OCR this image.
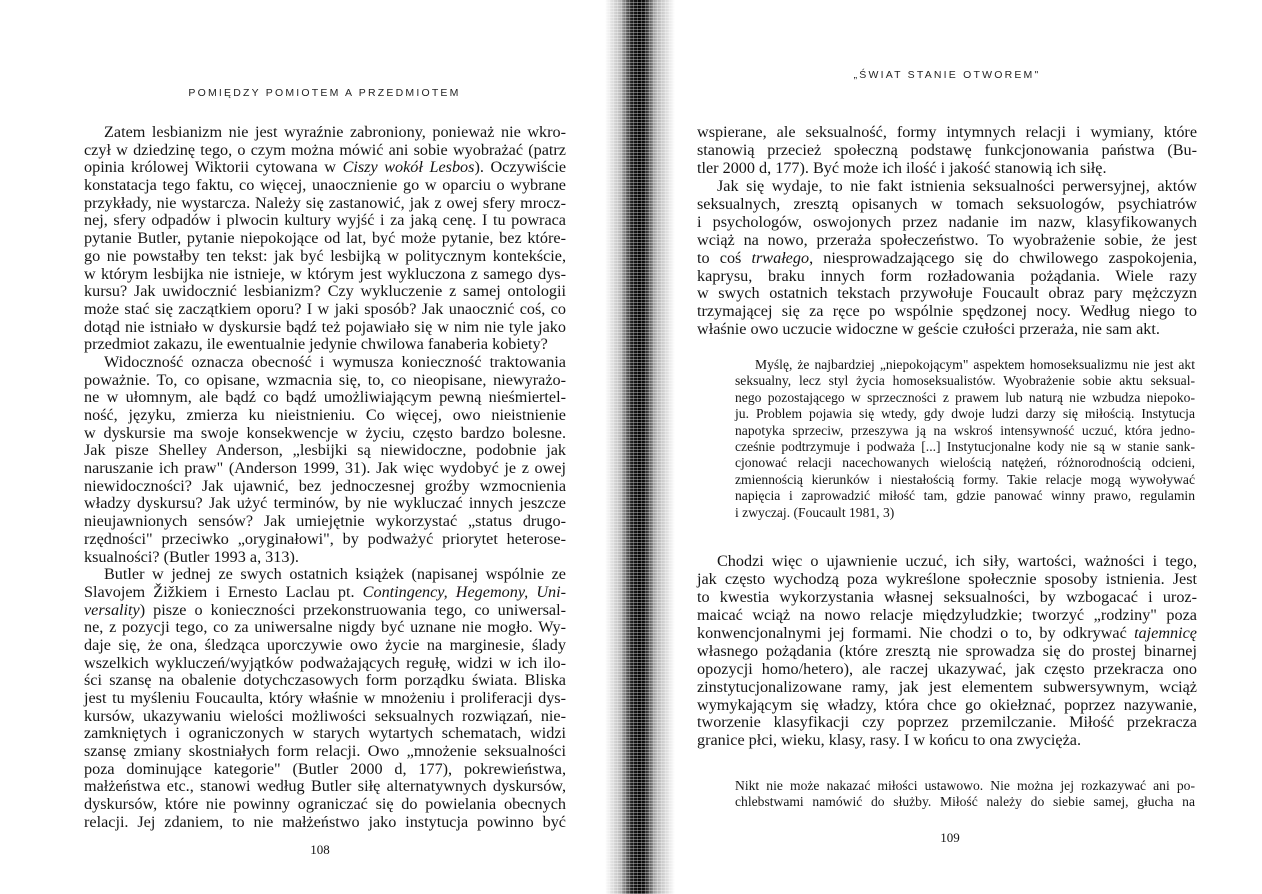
POMIĘDZY POMIOTEM A PRZEDMIOTEM
Zatem lesbianizm nie jest wyraźnie zabroniony, ponieważ nie wkro-
czył w dziedzinę tego, o czym można mówić ani sobie wyobrażać (patrz
opinia królowej Wiktorii cytowana w Ciszy wokół Lesbos). Oczywiście
konstatacja tego faktu, co więcej, unaocznienie go w oparciu o wybrane
przykłady, nie wystarcza. Należy się zastanowić, jak z owej sfery mrocz-
nej, sfery odpadów i plwocin kultury wyjść i za jaką cenę. I tu powraca
pytanie Butler, pytanie niepokojące od lat, być może pytanie, bez które-
go nie powstałby ten tekst: jak być lesbijką w politycznym kontekście,
w którym lesbijka nie istnieje, w którym jest wykluczona z samego dys-
kursu? Jak uwidocznić lesbianizm? Czy wykluczenie z samej ontologii
może stać się zaczątkiem oporu? I w jaki sposób? Jak unaocznić coś, co
dotąd nie istniało w dyskursie bądź też pojawiało się w nim nie tyle jako
przedmiot zakazu, ile ewentualnie jedynie chwilowa fanaberia kobiety?
Widoczność oznacza obecność i wymusza konieczność traktowania
poważnie. To, co opisane, wzmacnia się, to, co nieopisane, niewyrażo-
ne w ułomnym, ale bądź co bądź umożliwiającym pewną nieśmiertel-
ność, języku, zmierza ku nieistnieniu. Co więcej, owo nieistnienie
w dyskursie ma swoje konsekwencje w życiu, często bardzo bolesne.
Jak pisze Shelley Anderson, „lesbijki są niewidoczne, podobnie jak
naruszanie ich praw" (Anderson 1999, 31). Jak więc wydobyć je z owej
niewidoczności? Jak ujawnić, bez jednoczesnej groźby wzmocnienia
władzy dyskursu? Jak użyć terminów, by nie wykluczać innych jeszcze
nieujawnionych sensów? Jak umiejętnie wykorzystać „status drugo-
rzędności" przeciwko „oryginałowi", by podważyć priorytet heterose-
ksualności? (Butler 1993 a, 313).
Butler w jednej ze swych ostatnich książek (napisanej wspólnie ze
Slavojem Žižkiem i Ernesto Laclau pt. Contingency, Hegemony, Uni-
versality) pisze o konieczności przekonstruowania tego, co uniwersal-
ne, z pozycji tego, co za uniwersalne nigdy być uznane nie mogło. Wy-
daje się, że ona, śledząca uporczywie owo życie na marginesie, ślady
wszelkich wykluczeń/wyjątków podważających regułę, widzi w ich ilo-
ści szansę na obalenie dotychczasowych form porządku świata. Bliska
jest tu myśleniu Foucaulta, który właśnie w mnożeniu i proliferacji dys-
kursów, ukazywaniu wielości możliwości seksualnych rozwiązań, nie-
zamkniętych i ograniczonych w starych wytartych schematach, widzi
szansę zmiany skostniałych form relacji. Owo „mnożenie seksualności
poza dominujące kategorie" (Butler 2000 d, 177), pokrewieństwa,
małżeństwa etc., stanowi według Butler siłę alternatywnych dyskursów,
dyskursów, które nie powinny ograniczać się do powielania obecnych
relacji. Jej zdaniem, to nie małżeństwo jako instytucja powinno być
108
„ŚWIAT STANIE OTWOREM"
wspierane, ale seksualność, formy intymnych relacji i wymiany, które
stanowią przecież społeczną podstawę funkcjonowania państwa (Bu-
tler 2000 d, 177). Być może ich ilość i jakość stanowią ich siłę.
Jak się wydaje, to nie fakt istnienia seksualności perwersyjnej, aktów
seksualnych, zresztą opisanych w tomach seksuologów, psychiatrów
i psychologów, oswojonych przez nadanie im nazw, klasyfikowanych
wciąż na nowo, przeraża społeczeństwo. To wyobrażenie sobie, że jest
to coś trwałego, niesprowadzającego się do chwilowego zaspokojenia,
kaprysu, braku innych form rozładowania pożądania. Wiele razy
w swych ostatnich tekstach przywołuje Foucault obraz pary mężczyzn
trzymającej się za ręce po wspólnie spędzonej nocy. Według niego to
właśnie owo uczucie widoczne w geście czułości przeraża, nie sam akt.
Myślę, że najbardziej „niepokojącym" aspektem homoseksualizmu nie jest akt
seksualny, lecz styl życia homoseksualistów. Wyobrażenie sobie aktu seksual-
nego pozostającego w sprzeczności z prawem lub naturą nie wzbudza niepoko-
ju. Problem pojawia się wtedy, gdy dwoje ludzi darzy się miłością. Instytucja
napotyka sprzeciw, przeszywa ją na wskroś intensywność uczuć, która jedno-
cześnie podtrzymuje i podważa [...] Instytucjonalne kody nie są w stanie sank-
cjonować relacji nacechowanych wielością natężeń, różnorodnością odcieni,
zmiennością kierunków i niestałością formy. Takie relacje mogą wywoływać
napięcia i zaprowadzić miłość tam, gdzie panować winny prawo, regulamin
i zwyczaj. (Foucault 1981, 3)
Chodzi więc o ujawnienie uczuć, ich siły, wartości, ważności i tego,
jak często wychodzą poza wykreślone społecznie sposoby istnienia. Jest
to kwestia wykorzystania własnej seksualności, by wzbogacać i uroz-
maicać wciąż na nowo relacje międzyludzkie; tworzyć „rodziny" poza
konwencjonalnymi jej formami. Nie chodzi o to, by odkrywać tajemnicę
własnego pożądania (które zresztą nie sprowadza się do prostej binarnej
opozycji homo/hetero), ale raczej ukazywać, jak często przekracza ono
zinstytucjonalizowane ramy, jak jest elementem subwersywnym, wciąż
wymykającym się władzy, która chce go okiełznać, poprzez nazywanie,
tworzenie klasyfikacji czy poprzez przemilczanie. Miłość przekracza
granice płci, wieku, klasy, rasy. I w końcu to ona zwycięża.
Nikt nie może nakazać miłości ustawowo. Nie można jej rozkazywać ani po-
chlebstwami namówić do służby. Miłość należy do siebie samej, głucha na
109
